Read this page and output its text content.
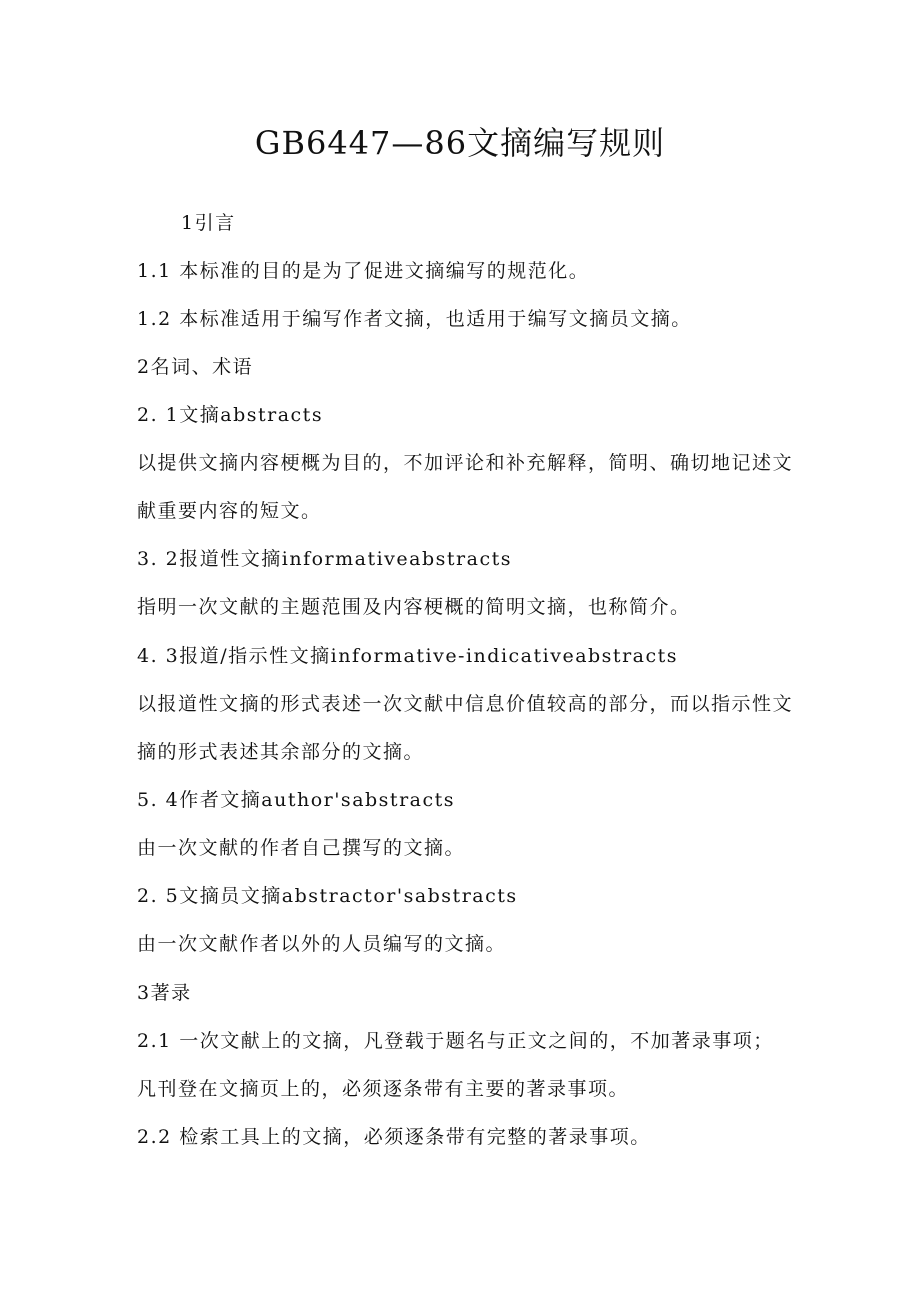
GB6447—86文摘编写规则

1引言

1.1 本标准的目的是为了促进文摘编写的规范化。

1.2 本标准适用于编写作者文摘，也适用于编写文摘员文摘。

2名词、术语

2. 1文摘abstracts

以提供文摘内容梗概为目的，不加评论和补充解释，简明、确切地记述文

献重要内容的短文。

3. 2报道性文摘informativeabstracts

指明一次文献的主题范围及内容梗概的简明文摘，也称简介。

4. 3报道/指示性文摘informative-indicativeabstracts

以报道性文摘的形式表述一次文献中信息价值较高的部分，而以指示性文

摘的形式表述其余部分的文摘。

5. 4作者文摘author'sabstracts

由一次文献的作者自己撰写的文摘。

2. 5文摘员文摘abstractor'sabstracts

由一次文献作者以外的人员编写的文摘。

3著录

2.1 一次文献上的文摘，凡登载于题名与正文之间的，不加著录事项；

凡刊登在文摘页上的，必须逐条带有主要的著录事项。

2.2 检索工具上的文摘，必须逐条带有完整的著录事项。
